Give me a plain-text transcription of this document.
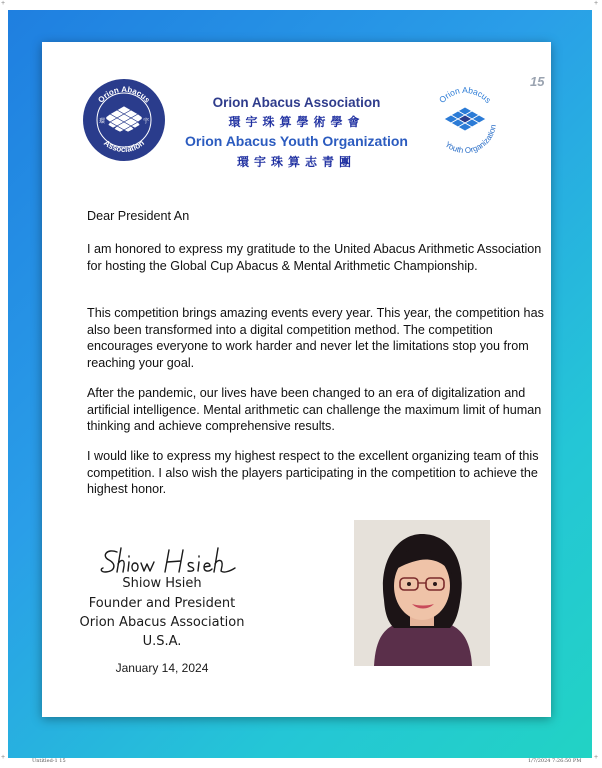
+	+
+	+
15
Orion Abacus
Association
環	宇
Orion Abacus Association
環宇珠算學術學會
Orion Abacus Youth Organization
環宇珠算志青團
Orion Abacus
Youth Organization
Dear President An
I am honored to express my gratitude to the United Abacus Arithmetic Association for hosting the Global Cup Abacus & Mental Arithmetic Championship.
This competition brings amazing events every year. This year, the competition has also been transformed into a digital competition method. The competition encourages everyone to work harder and never let the limitations stop you from reaching your goal.
After the pandemic, our lives have been changed to an era of digitalization and artificial intelligence. Mental arithmetic can challenge the maximum limit of human thinking and achieve comprehensive results.
I would like to express my highest respect to the excellent organizing team of this competition. I also wish the players participating in the competition to achieve the highest honor.
Shiow Hsieh
Founder and President
Orion Abacus Association
U.S.A.
January 14, 2024
Untitled-1 15	1/7/2024 7:26:50 PM
